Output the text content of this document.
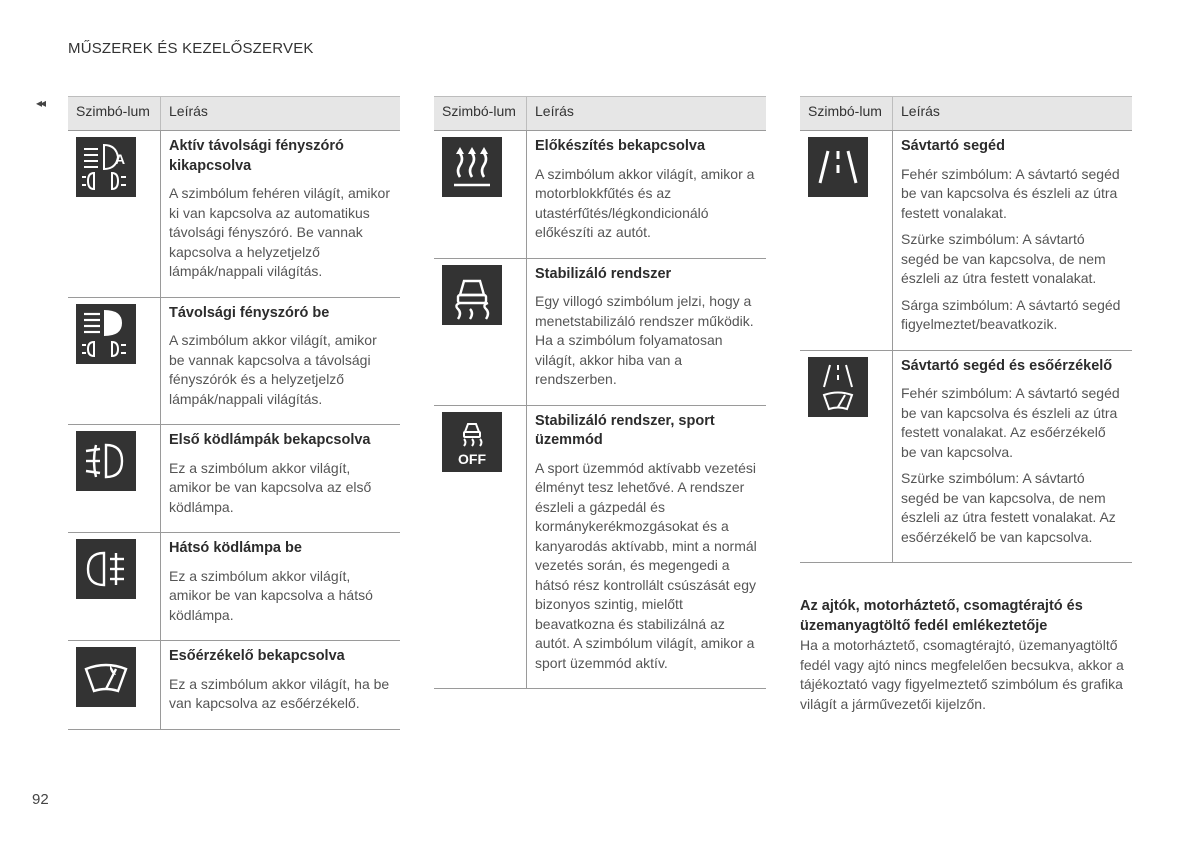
MŰSZEREK ÉS KEZELŐSZERVEK
◂◂
92
Szimbó-lum	Leírás

A	Aktív távolsági fényszóró kikapcsolva
A szimbólum fehéren világít, amikor ki van kapcsolva az automatikus távolsági fényszóró. Be vannak kapcsolva a helyzetjelző lámpák/nappali világítás.

Távolsági fényszóró be
A szimbólum akkor világít, amikor be vannak kapcsolva a távolsági fényszórók és a helyzetjelző lámpák/nappali világítás.

Első ködlámpák bekapcsolva
Ez a szimbólum akkor világít, amikor be van kapcsolva az első ködlámpa.

Hátsó ködlámpa be
Ez a szimbólum akkor világít, amikor be van kapcsolva a hátsó ködlámpa.

Esőérzékelő bekapcsolva
Ez a szimbólum akkor világít, ha be van kapcsolva az esőérzékelő.
Szimbó-lum	Leírás

Előkészítés bekapcsolva
A szimbólum akkor világít, amikor a motorblokkfűtés és az utastérfűtés/légkondicionáló előkészíti az autót.

Stabilizáló rendszer
Egy villogó szimbólum jelzi, hogy a menetstabilizáló rendszer működik. Ha a szimbólum folyamatosan világít, akkor hiba van a rendszerben.

OFF	Stabilizáló rendszer, sport üzemmód
A sport üzemmód aktívabb vezetési élményt tesz lehetővé. A rendszer észleli a gázpedál és kormánykerékmozgásokat és a kanyarodás aktívabb, mint a normál vezetés során, és megengedi a hátsó rész kontrollált csúszását egy bizonyos szintig, mielőtt beavatkozna és stabilizálná az autót. A szimbólum világít, amikor a sport üzemmód aktív.
Szimbó-lum	Leírás

Sávtartó segéd
Fehér szimbólum: A sávtartó segéd be van kapcsolva és észleli az útra festett vonalakat.
Szürke szimbólum: A sávtartó segéd be van kapcsolva, de nem észleli az útra festett vonalakat.
Sárga szimbólum: A sávtartó segéd figyelmeztet/beavatkozik.

Sávtartó segéd és esőérzékelő
Fehér szimbólum: A sávtartó segéd be van kapcsolva és észleli az útra festett vonalakat. Az esőérzékelő be van kapcsolva.
Szürke szimbólum: A sávtartó segéd be van kapcsolva, de nem észleli az útra festett vonalakat. Az esőérzékelő be van kapcsolva.
Az ajtók, motorháztető, csomagtérajtó és üzemanyagtöltő fedél emlékeztetője
Ha a motorháztető, csomagtérajtó, üzemanyagtöltő fedél vagy ajtó nincs megfelelően becsukva, akkor a tájékoztató vagy figyelmeztető szimbólum és grafika világít a járművezetői kijelzőn.
